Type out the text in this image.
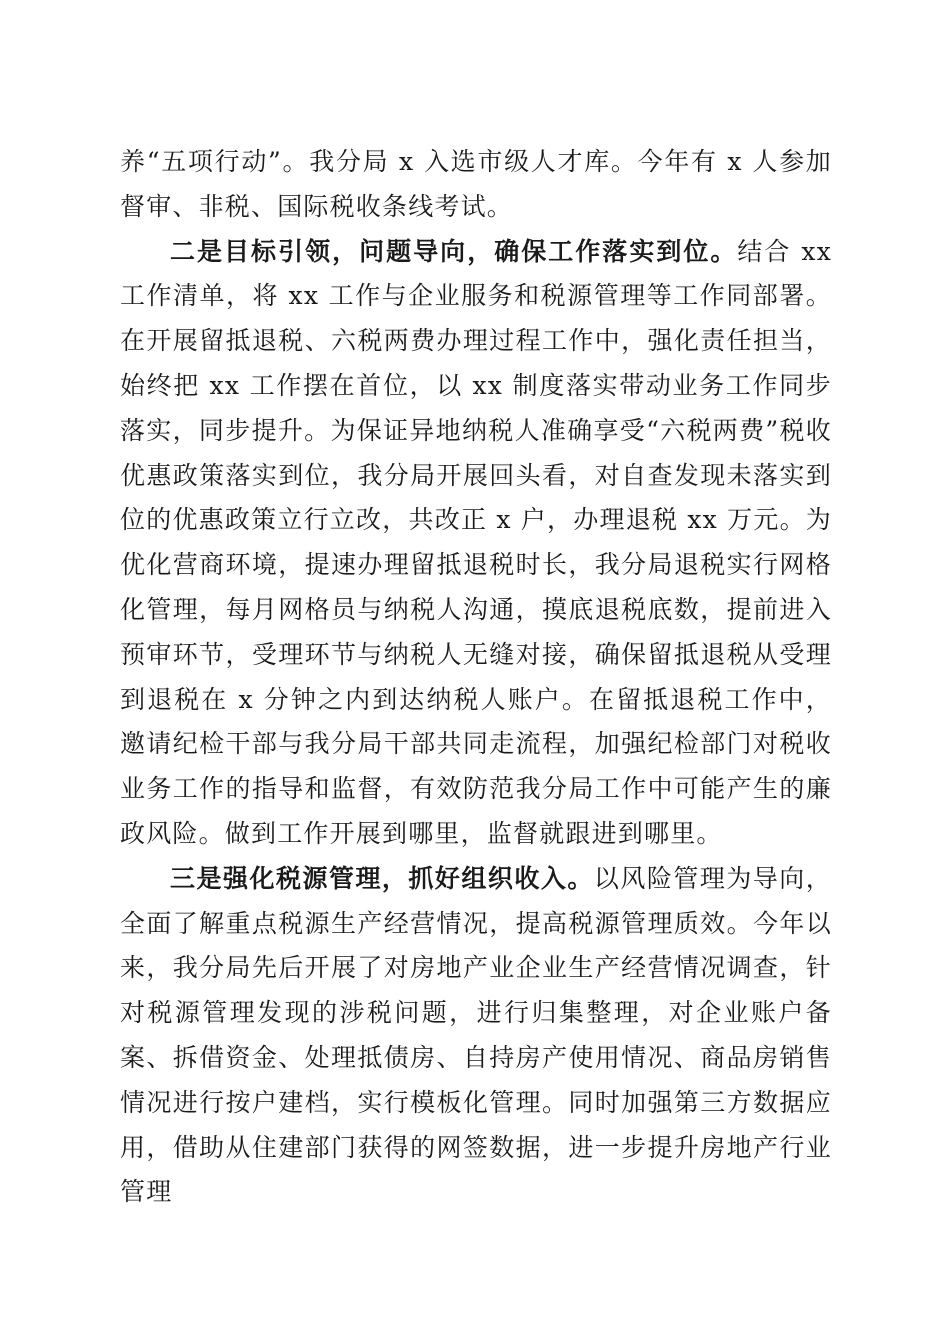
养“五项行动”。我分局 x 入选市级人才库。今年有 x 人参加督审、非税、国际税收条线考试。

二是目标引领，问题导向，确保工作落实到位。结合 xx 工作清单，将 xx 工作与企业服务和税源管理等工作同部署。在开展留抵退税、六税两费办理过程工作中，强化责任担当，始终把 xx 工作摆在首位，以 xx 制度落实带动业务工作同步落实，同步提升。为保证异地纳税人准确享受“六税两费”税收优惠政策落实到位，我分局开展回头看，对自查发现未落实到位的优惠政策立行立改，共改正 x 户，办理退税 xx 万元。为优化营商环境，提速办理留抵退税时长，我分局退税实行网格化管理，每月网格员与纳税人沟通，摸底退税底数，提前进入预审环节，受理环节与纳税人无缝对接，确保留抵退税从受理到退税在 x 分钟之内到达纳税人账户。在留抵退税工作中，邀请纪检干部与我分局干部共同走流程，加强纪检部门对税收业务工作的指导和监督，有效防范我分局工作中可能产生的廉政风险。做到工作开展到哪里，监督就跟进到哪里。

三是强化税源管理，抓好组织收入。以风险管理为导向，全面了解重点税源生产经营情况，提高税源管理质效。今年以来，我分局先后开展了对房地产业企业生产经营情况调查，针对税源管理发现的涉税问题，进行归集整理，对企业账户备案、拆借资金、处理抵债房、自持房产使用情况、商品房销售情况进行按户建档，实行模板化管理。同时加强第三方数据应用，借助从住建部门获得的网签数据，进一步提升房地产行业管理
